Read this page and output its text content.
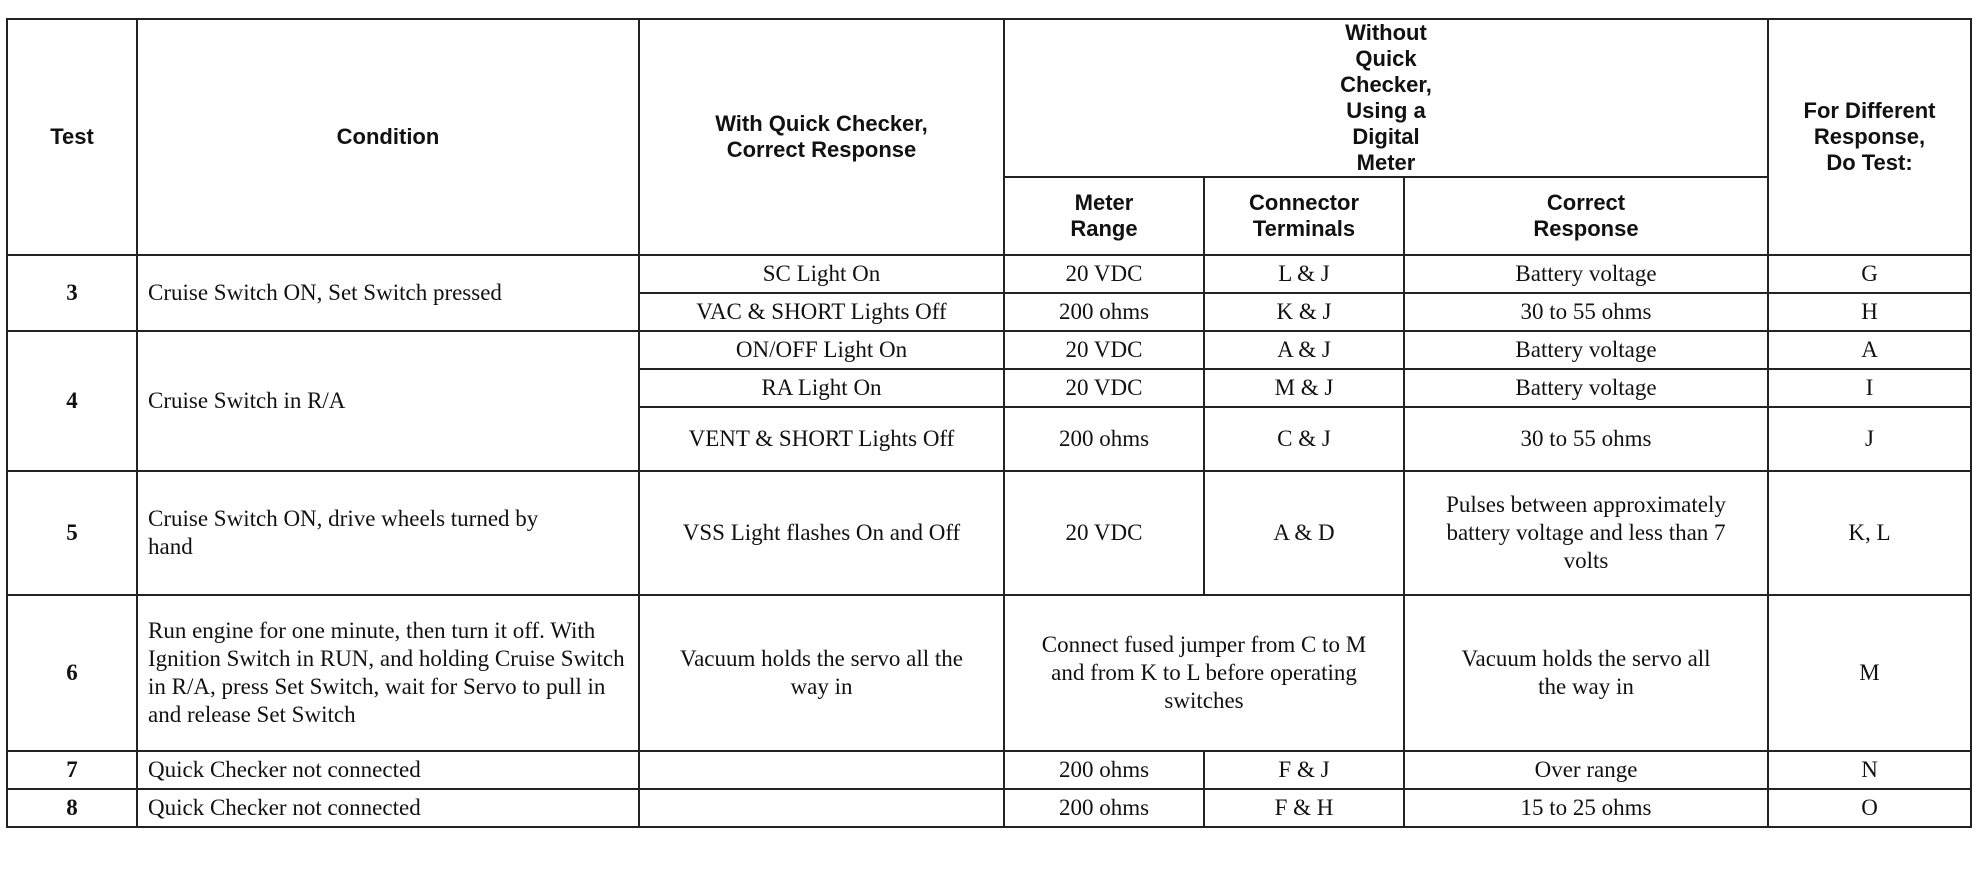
Test	Condition	With Quick Checker, Correct Response	Without Quick Checker, Using a Digital Meter			For Different Response, Do Test:
			Meter Range	Connector Terminals	Correct Response	
3	Cruise Switch ON, Set Switch pressed	SC Light On	20 VDC	L & J	Battery voltage	G
		VAC & SHORT Lights Off	200 ohms	K & J	30 to 55 ohms	H
4	Cruise Switch in R/A	ON/OFF Light On	20 VDC	A & J	Battery voltage	A
		RA Light On	20 VDC	M & J	Battery voltage	I
		VENT & SHORT Lights Off	200 ohms	C & J	30 to 55 ohms	J
5	Cruise Switch ON, drive wheels turned by hand	VSS Light flashes On and Off	20 VDC	A & D	Pulses between approximately battery voltage and less than 7 volts	K, L
6	Run engine for one minute, then turn it off. With Ignition Switch in RUN, and holding Cruise Switch in R/A, press Set Switch, wait for Servo to pull in and release Set Switch	Vacuum holds the servo all the way in	Connect fused jumper from C to M and from K to L before operating switches		Vacuum holds the servo all the way in	M
7	Quick Checker not connected		200 ohms	F & J	Over range	N
8	Quick Checker not connected		200 ohms	F & H	15 to 25 ohms	O
